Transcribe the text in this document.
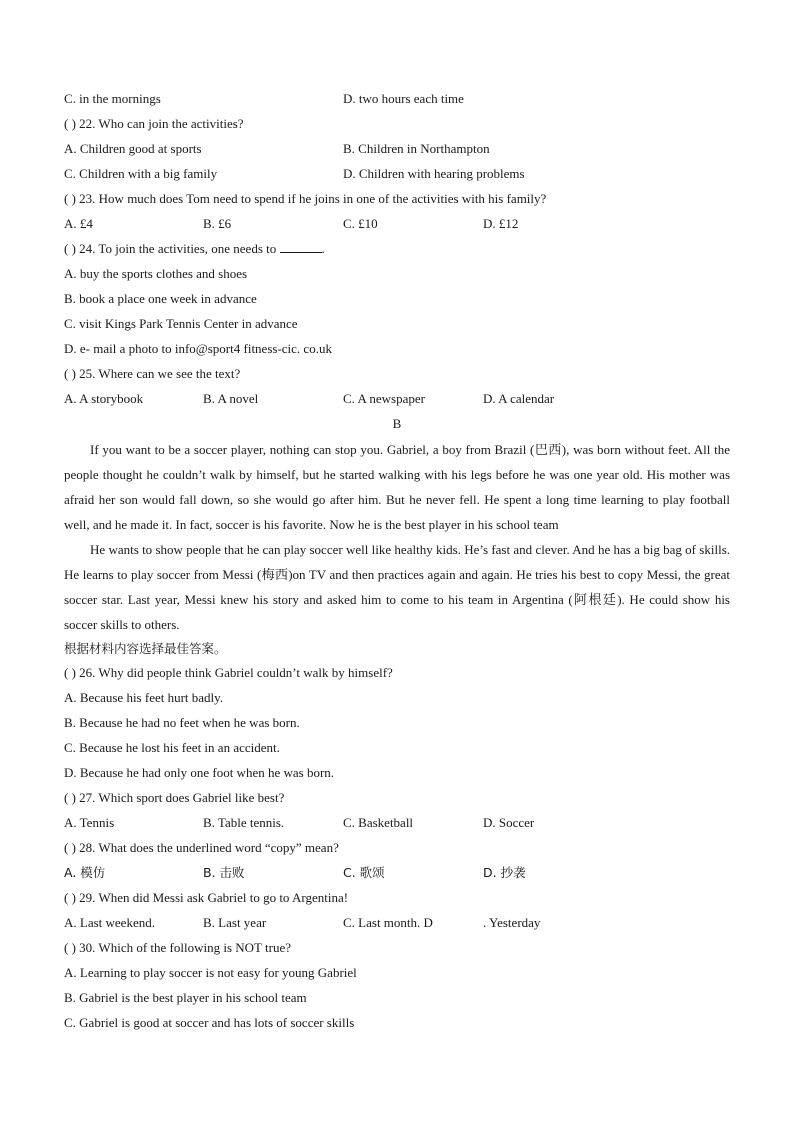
C. in the mornings	D. two hours each time
( ) 22. Who can join the activities?
A. Children good at sports	B. Children in Northampton
C. Children with a big family	D. Children with hearing problems
( ) 23. How much does Tom need to spend if he joins in one of the activities with his family?
A. £4	B. £6	C. £10	D. £12
( ) 24. To join the activities, one needs to	.
A. buy the sports clothes and shoes
B. book a place one week in advance
C. visit Kings Park Tennis Center in advance
D. e- mail a photo to info@sport4 fitness-cic. co.uk
( ) 25. Where can we see the text?
A. A storybook	B. A novel	C. A newspaper	D. A calendar
B
If you want to be a soccer player, nothing can stop you. Gabriel, a boy from Brazil (巴西), was born without feet. All the people thought he couldn’t walk by himself, but he started walking with his legs before he was one year old. His mother was afraid her son would fall down, so she would go after him. But he never fell. He spent a long time learning to play football well, and he made it. In fact, soccer is his favorite. Now he is the best player in his school team
He wants to show people that he can play soccer well like healthy kids. He’s fast and clever. And he has a big bag of skills. He learns to play soccer from Messi (梅西)on TV and then practices again and again. He tries his best to copy Messi, the great soccer star. Last year, Messi knew his story and asked him to come to his team in Argentina (阿根廷). He could show his soccer skills to others.
根据材料内容选择最佳答案。
( ) 26. Why did people think Gabriel couldn’t walk by himself?
A. Because his feet hurt badly.
B. Because he had no feet when he was born.
C. Because he lost his feet in an accident.
D. Because he had only one foot when he was born.
( ) 27. Which sport does Gabriel like best?
A. Tennis	B. Table tennis.	C. Basketball	D. Soccer
( ) 28. What does the underlined word “copy” mean?
A. 模仿	B. 击败	C. 歌颂	D. 抄袭
( ) 29. When did Messi ask Gabriel to go to Argentina!
A. Last weekend.	B. Last year	C. Last month. D	. Yesterday
( ) 30. Which of the following is NOT true?
A. Learning to play soccer is not easy for young Gabriel
B. Gabriel is the best player in his school team
C. Gabriel is good at soccer and has lots of soccer skills
